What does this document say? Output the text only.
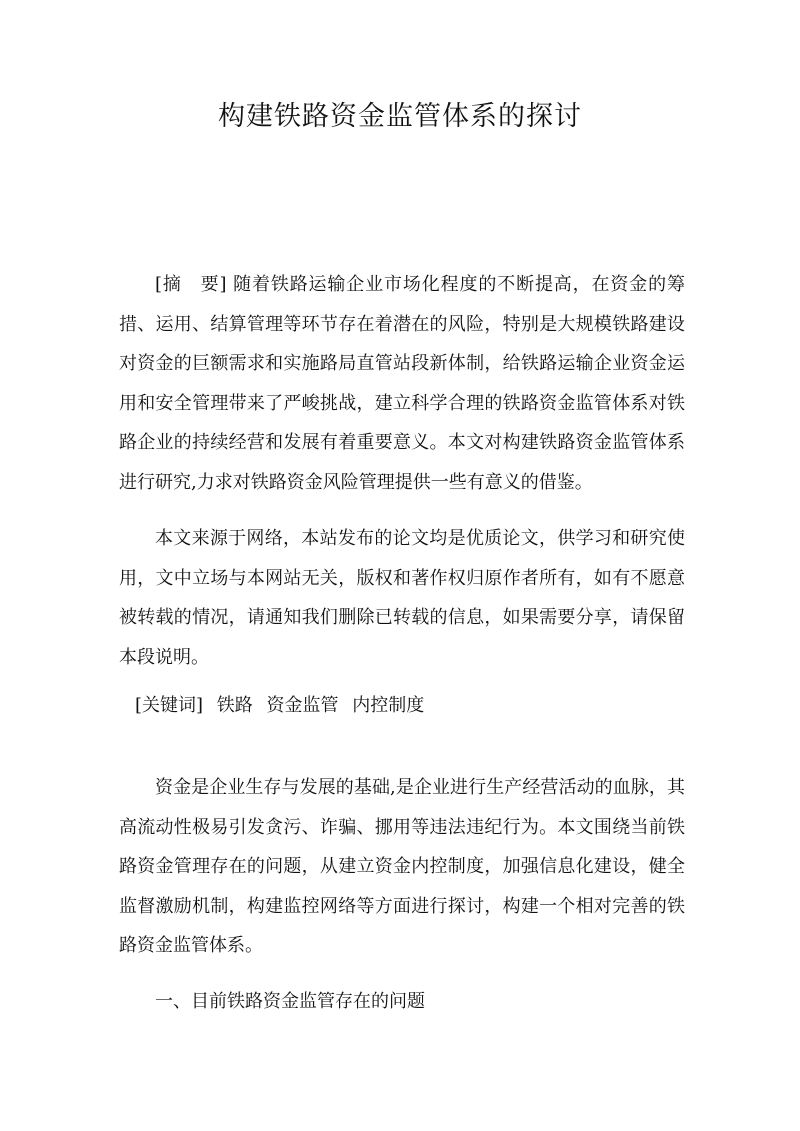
构建铁路资金监管体系的探讨

[摘　要] 随着铁路运输企业市场化程度的不断提高，在资金的筹措、运用、结算管理等环节存在着潜在的风险，特别是大规模铁路建设对资金的巨额需求和实施路局直管站段新体制，给铁路运输企业资金运用和安全管理带来了严峻挑战，建立科学合理的铁路资金监管体系对铁路企业的持续经营和发展有着重要意义。本文对构建铁路资金监管体系进行研究,力求对铁路资金风险管理提供一些有意义的借鉴。

本文来源于网络，本站发布的论文均是优质论文，供学习和研究使用，文中立场与本网站无关，版权和著作权归原作者所有，如有不愿意被转载的情况，请通知我们删除已转载的信息，如果需要分享，请保留本段说明。

[关键词] 铁路 资金监管 内控制度

资金是企业生存与发展的基础,是企业进行生产经营活动的血脉，其高流动性极易引发贪污、诈骗、挪用等违法违纪行为。本文围绕当前铁路资金管理存在的问题，从建立资金内控制度，加强信息化建设，健全监督激励机制，构建监控网络等方面进行探讨，构建一个相对完善的铁路资金监管体系。

一、目前铁路资金监管存在的问题
